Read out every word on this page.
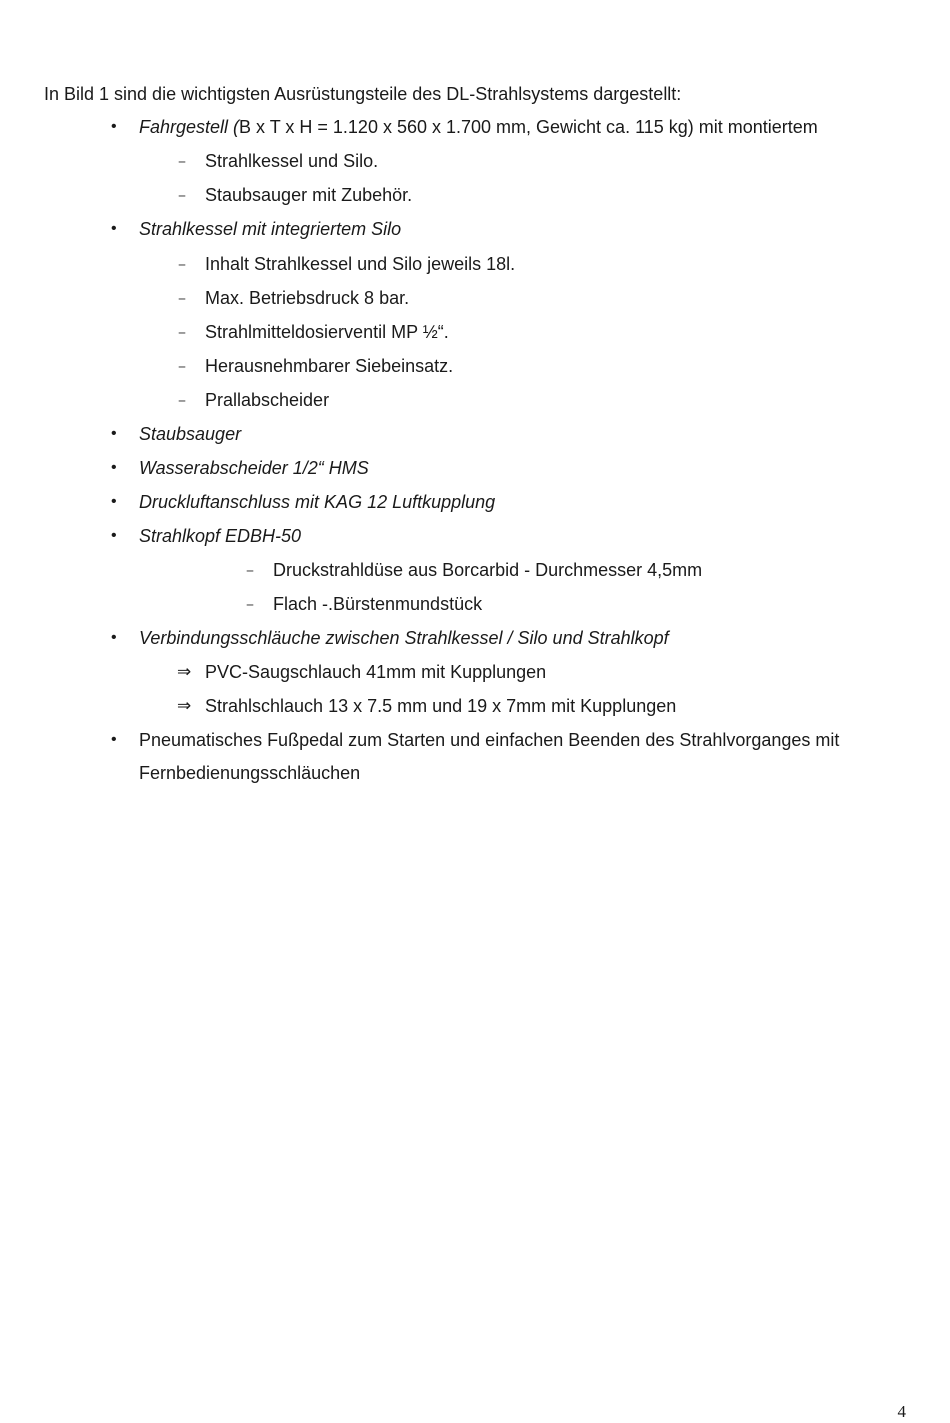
In Bild 1 sind die wichtigsten Ausrüstungsteile des DL-Strahlsystems dargestellt:
• Fahrgestell (B x T x H = 1.120 x 560 x 1.700 mm, Gewicht ca. 115 kg) mit montiertem
– Strahlkessel und Silo.
– Staubsauger mit Zubehör.
• Strahlkessel mit integriertem Silo
– Inhalt Strahlkessel und Silo jeweils 18l.
– Max. Betriebsdruck 8 bar.
– Strahlmitteldosierventil MP ½“.
– Herausnehmbarer Siebeinsatz.
– Prallabscheider
• Staubsauger
• Wasserabscheider 1/2“ HMS
• Druckluftanschluss mit KAG 12 Luftkupplung
• Strahlkopf EDBH-50
– Druckstrahldüse aus Borcarbid - Durchmesser 4,5mm
– Flach -.Bürstenmundstück
• Verbindungsschläuche zwischen Strahlkessel / Silo und Strahlkopf
⇒ PVC-Saugschlauch 41mm mit Kupplungen
⇒ Strahlschlauch 13 x 7.5 mm und 19 x 7mm mit Kupplungen
• Pneumatisches Fußpedal zum Starten und einfachen Beenden des Strahlvorganges mit
Fernbedienungsschläuchen
4
